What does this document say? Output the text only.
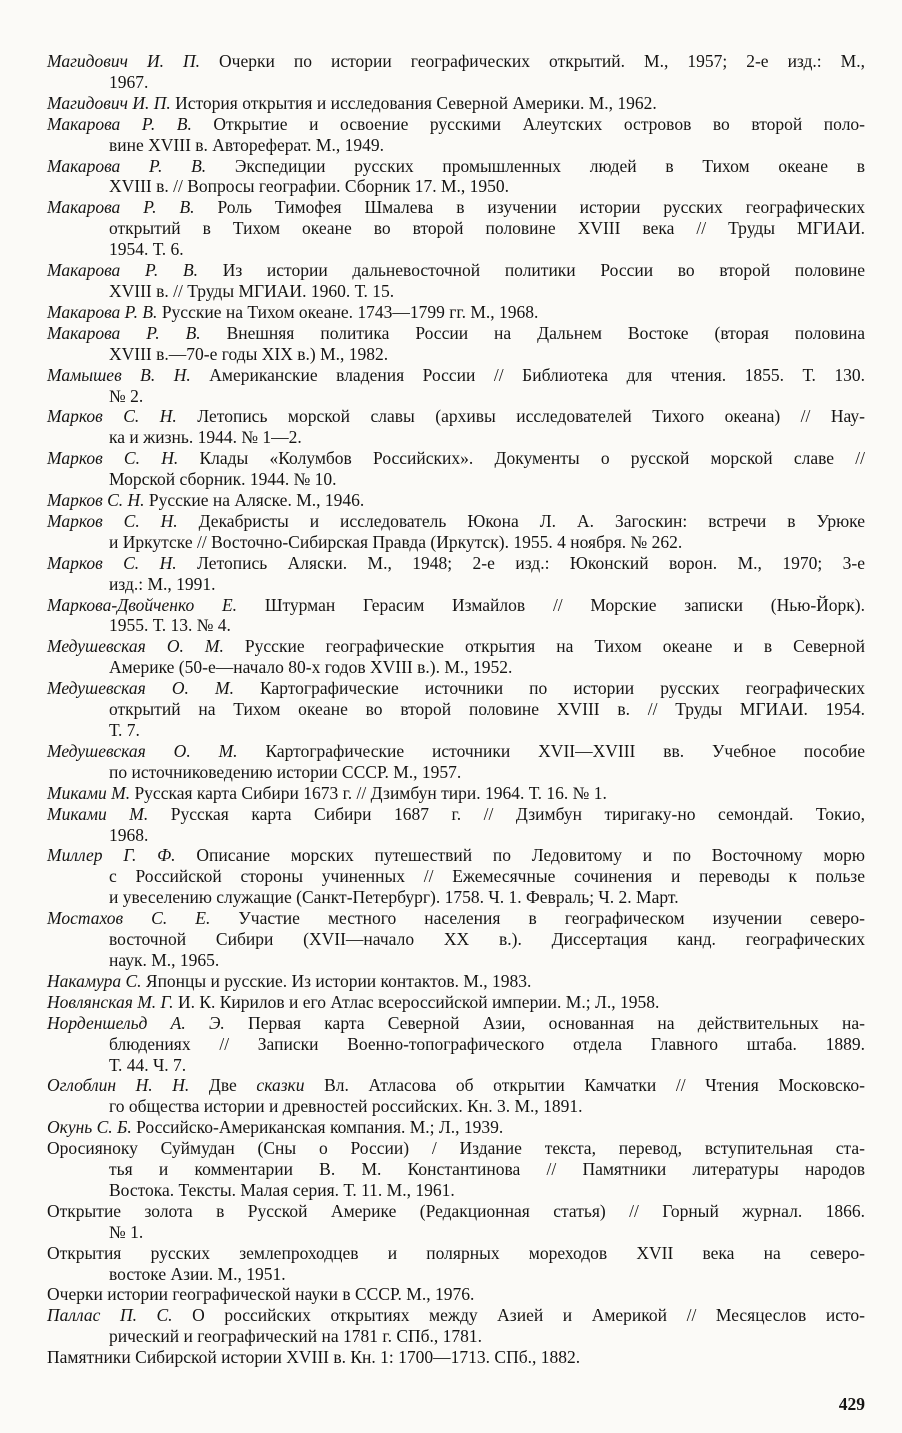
Магидович И. П. Очерки по истории географических открытий. М., 1957; 2-е изд.: М.,
1967.
Магидович И. П. История открытия и исследования Северной Америки. М., 1962.
Макарова Р. В. Открытие и освоение русскими Алеутских островов во второй поло-
вине XVIII в. Автореферат. М., 1949.
Макарова Р. В. Экспедиции русских промышленных людей в Тихом океане в
XVIII в. // Вопросы географии. Сборник 17. М., 1950.
Макарова Р. В. Роль Тимофея Шмалева в изучении истории русских географических
открытий в Тихом океане во второй половине XVIII века // Труды МГИАИ.
1954. Т. 6.
Макарова Р. В. Из истории дальневосточной политики России во второй половине
XVIII в. // Труды МГИАИ. 1960. Т. 15.
Макарова Р. В. Русские на Тихом океане. 1743—1799 гг. М., 1968.
Макарова Р. В. Внешняя политика России на Дальнем Востоке (вторая половина
XVIII в.—70-е годы XIX в.) М., 1982.
Мамышев В. Н. Американские владения России // Библиотека для чтения. 1855. Т. 130.
№ 2.
Марков С. Н. Летопись морской славы (архивы исследователей Тихого океана) // Нау-
ка и жизнь. 1944. № 1—2.
Марков С. Н. Клады «Колумбов Российских». Документы о русской морской славе //
Морской сборник. 1944. № 10.
Марков С. Н. Русские на Аляске. М., 1946.
Марков С. Н. Декабристы и исследователь Юкона Л. А. Загоскин: встречи в Урюке
и Иркутске // Восточно-Сибирская Правда (Иркутск). 1955. 4 ноября. № 262.
Марков С. Н. Летопись Аляски. М., 1948; 2-е изд.: Юконский ворон. М., 1970; 3-е
изд.: М., 1991.
Маркова-Двойченко Е. Штурман Герасим Измайлов // Морские записки (Нью-Йорк).
1955. Т. 13. № 4.
Медушевская О. М. Русские географические открытия на Тихом океане и в Северной
Америке (50-е—начало 80-х годов XVIII в.). М., 1952.
Медушевская О. М. Картографические источники по истории русских географических
открытий на Тихом океане во второй половине XVIII в. // Труды МГИАИ. 1954.
Т. 7.
Медушевская О. М. Картографические источники XVII—XVIII вв. Учебное пособие
по источниковедению истории СССР. М., 1957.
Миками М. Русская карта Сибири 1673 г. // Дзимбун тири. 1964. Т. 16. № 1.
Миками М. Русская карта Сибири 1687 г. // Дзимбун тиригаку-но семондай. Токио,
1968.
Миллер Г. Ф. Описание морских путешествий по Ледовитому и по Восточному морю
с Российской стороны учиненных // Ежемесячные сочинения и переводы к пользе
и увеселению служащие (Санкт-Петербург). 1758. Ч. 1. Февраль; Ч. 2. Март.
Мостахов С. Е. Участие местного населения в географическом изучении северо-
восточной Сибири (XVII—начало XX в.). Диссертация канд. географических
наук. М., 1965.
Накамура С. Японцы и русские. Из истории контактов. М., 1983.
Новлянская М. Г. И. К. Кирилов и его Атлас всероссийской империи. М.; Л., 1958.
Норденшельд А. Э. Первая карта Северной Азии, основанная на действительных на-
блюдениях // Записки Военно-топографического отдела Главного штаба. 1889.
Т. 44. Ч. 7.
Оглоблин Н. Н. Две сказки Вл. Атласова об открытии Камчатки // Чтения Московско-
го общества истории и древностей российских. Кн. 3. М., 1891.
Окунь С. Б. Российско-Американская компания. М.; Л., 1939.
Оросияноку Суймудан (Сны о России) / Издание текста, перевод, вступительная ста-
тья и комментарии В. М. Константинова // Памятники литературы народов
Востока. Тексты. Малая серия. Т. 11. М., 1961.
Открытие золота в Русской Америке (Редакционная статья) // Горный журнал. 1866.
№ 1.
Открытия русских землепроходцев и полярных мореходов XVII века на северо-
востоке Азии. М., 1951.
Очерки истории географической науки в СССР. М., 1976.
Паллас П. С. О российских открытиях между Азией и Америкой // Месяцеслов исто-
рический и географический на 1781 г. СПб., 1781.
Памятники Сибирской истории XVIII в. Кн. 1: 1700—1713. СПб., 1882.
429
